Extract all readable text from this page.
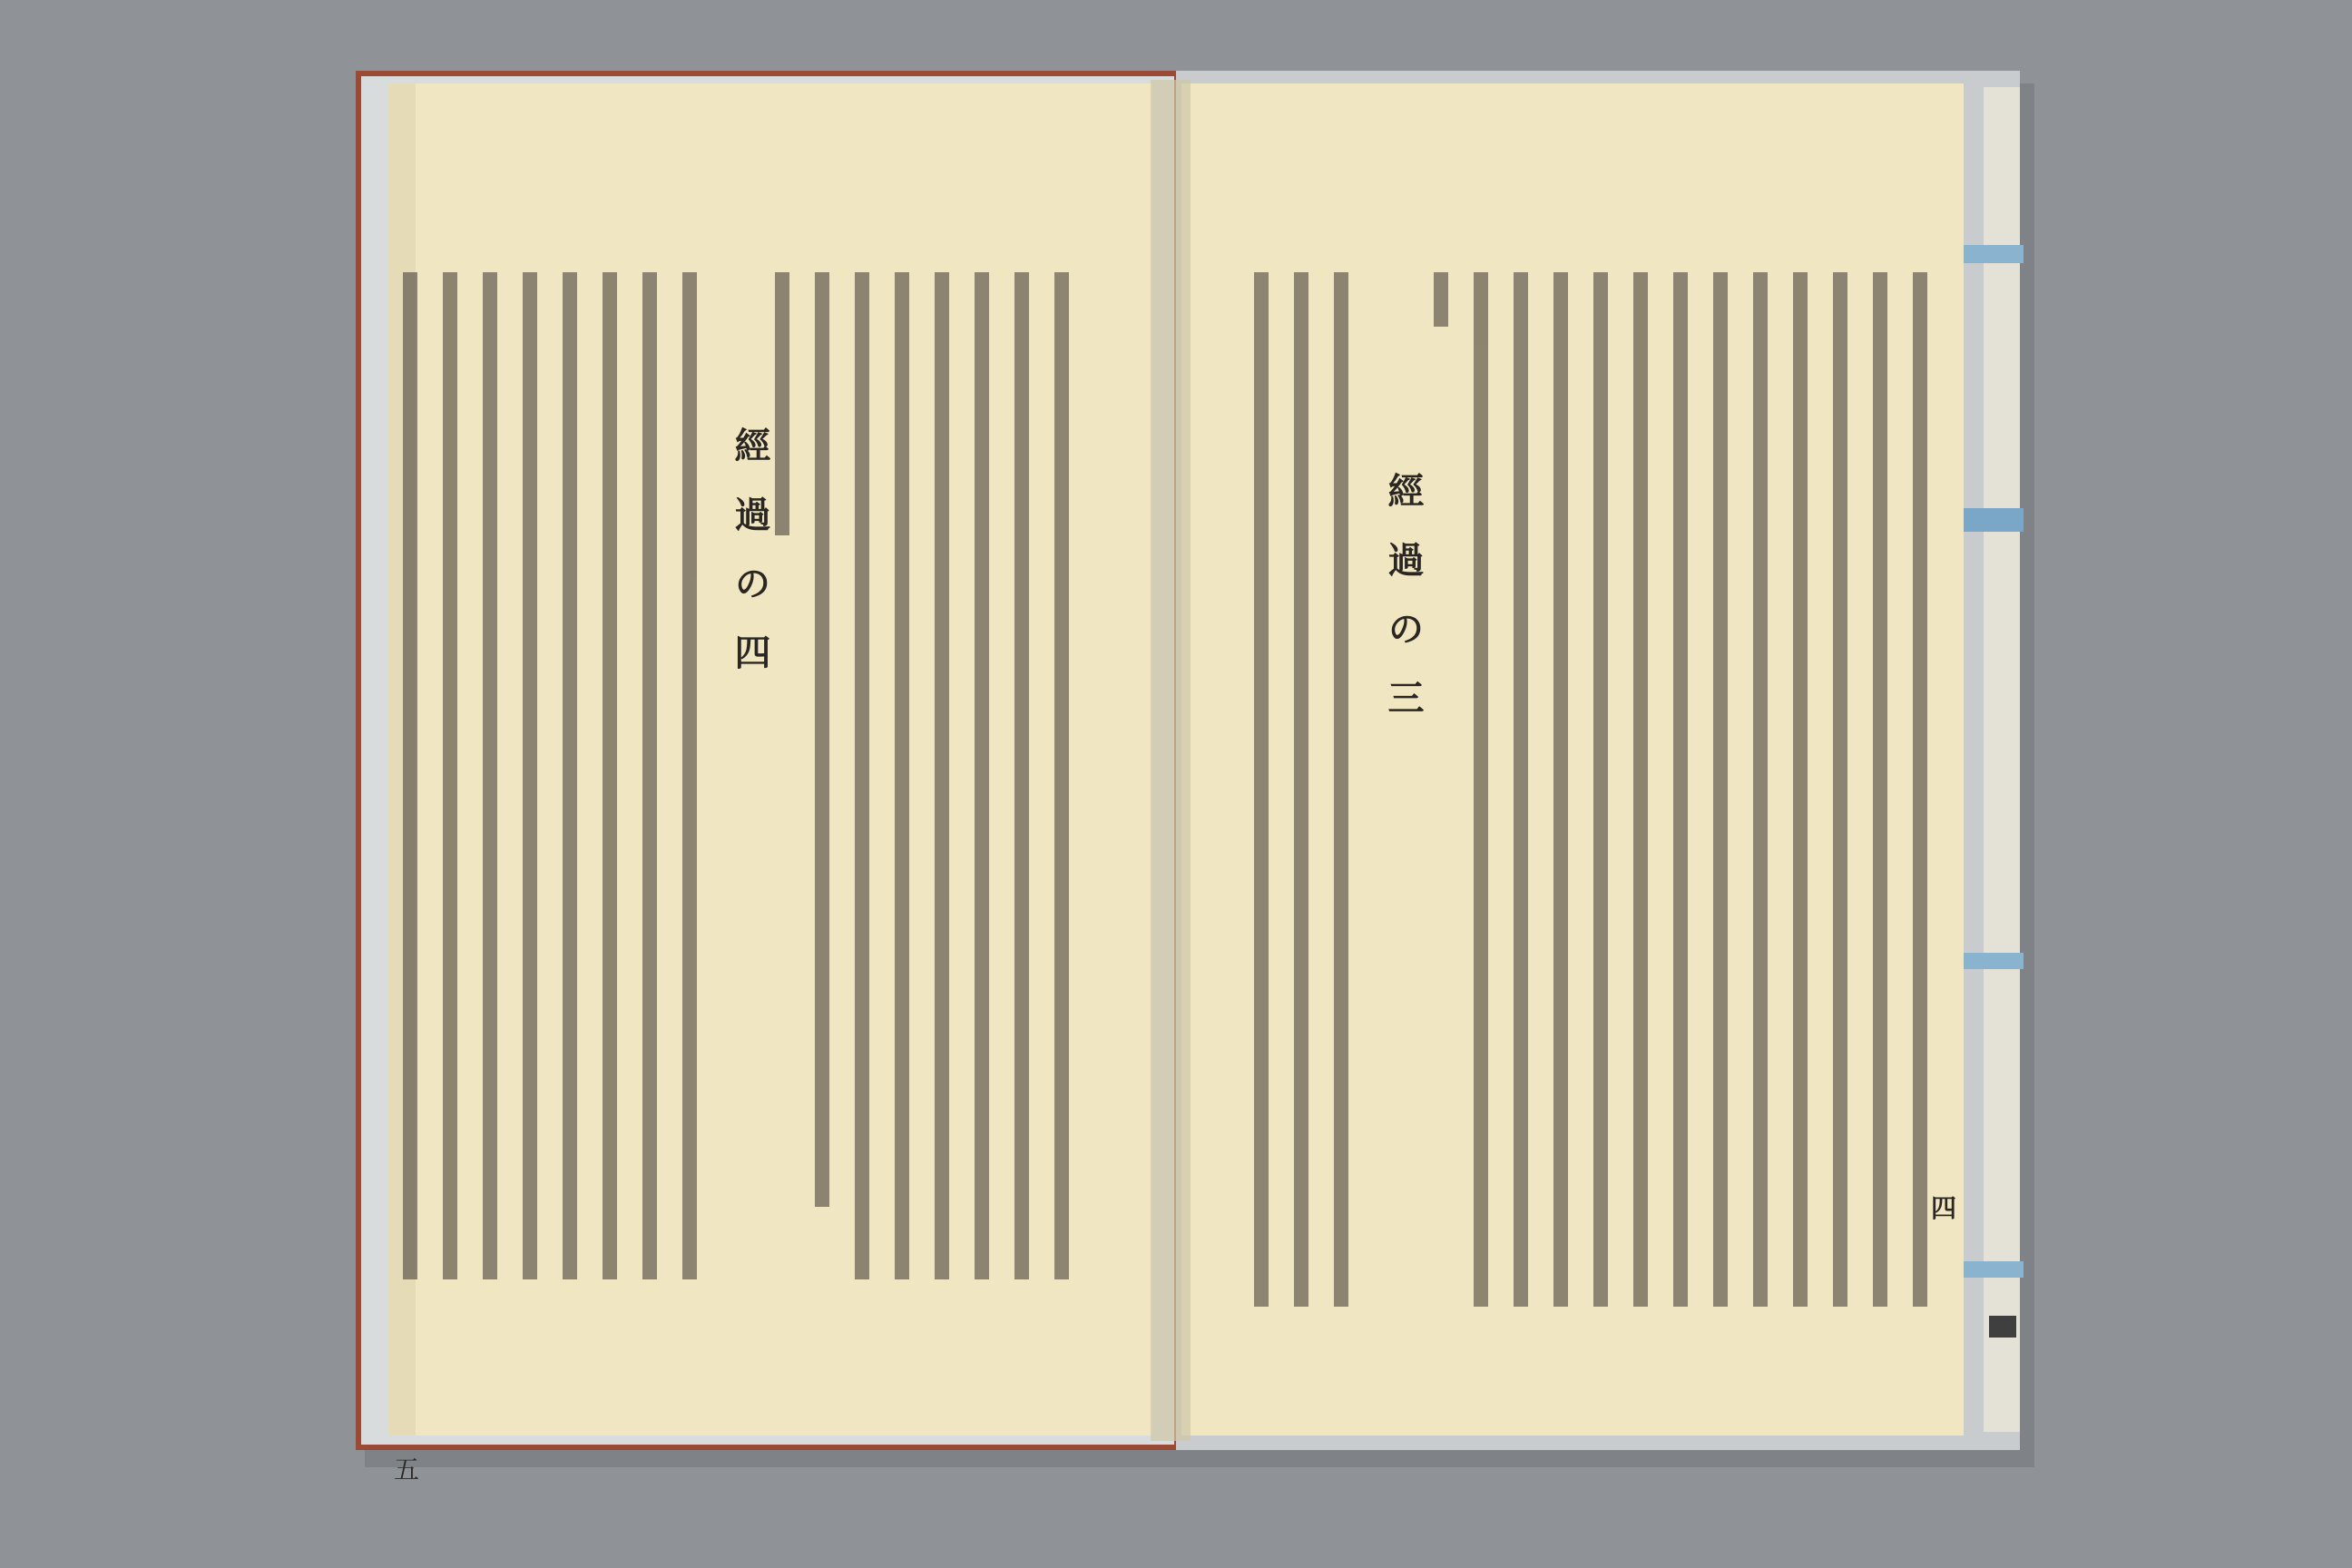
經過の四	經過の三
五
四
